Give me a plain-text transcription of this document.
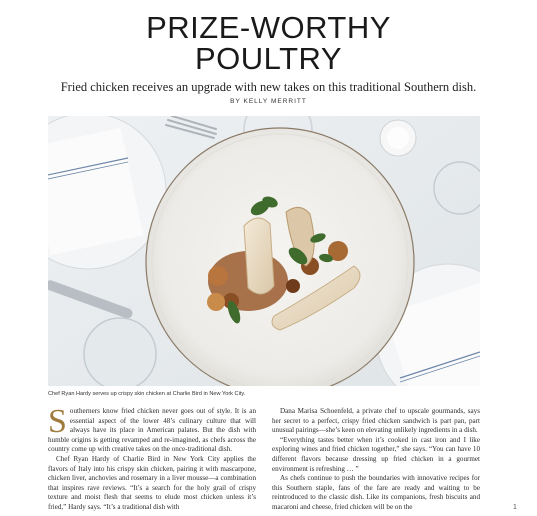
PRIZE-WORTHY
POULTRY
Fried chicken receives an upgrade with new takes on this traditional Southern dish.
BY KELLY MERRITT
Chef Ryan Hardy serves up crispy skin chicken at Charlie Bird in New York City.

Southerners know fried chicken never goes out of style. It is an essential aspect of the lower 48’s culinary culture that will always have its place in American palates. But the dish with humble origins is getting revamped and re-imagined, as chefs across the country come up with creative takes on the once-traditional dish.

Chef Ryan Hardy of Charlie Bird in New York City applies the flavors of Italy into his crispy skin chicken, pairing it with mascarpone, chicken liver, anchovies and rosemary in a liver mousse—a combination that inspires rave reviews. “It’s a search for the holy grail of crispy texture and moist flesh that seems to elude most chicken unless it’s fried,” Hardy says. “It’s a traditional dish with

Dana Marisa Schoenfeld, a private chef to upscale gourmands, says her secret to a perfect, crispy fried chicken sandwich is part pan, part unusual pairings—she’s keen on elevating unlikely ingredients in a dish.

“Everything tastes better when it’s cooked in cast iron and I like exploring wines and fried chicken together,” she says. “You can have 10 different flavors because dressing up fried chicken in a gourmet environment is refreshing … ”

As chefs continue to push the boundaries with innovative recipes for this Southern staple, fans of the fare are ready and waiting to be reintroduced to the classic dish. Like its companions, fresh biscuits and macaroni and cheese, fried chicken will be on the	1
